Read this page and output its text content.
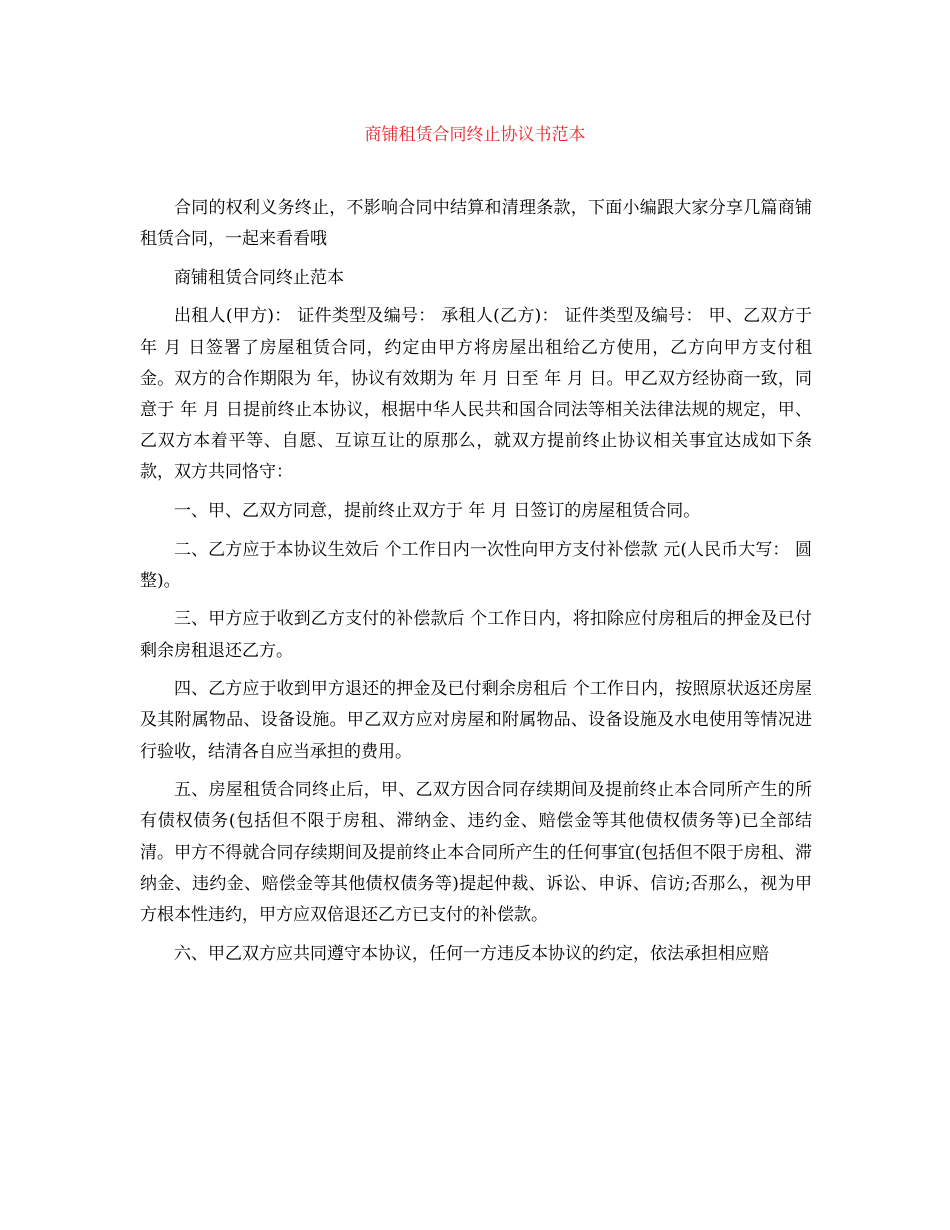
商铺租赁合同终止协议书范本

合同的权利义务终止，不影响合同中结算和清理条款，下面小编跟大家分享几篇商铺租赁合同，一起来看看哦

商铺租赁合同终止范本

出租人(甲方)： 证件类型及编号： 承租人(乙方)： 证件类型及编号： 甲、乙双方于 年 月 日签署了房屋租赁合同，约定由甲方将房屋出租给乙方使用，乙方向甲方支付租金。双方的合作期限为 年，协议有效期为 年 月 日至 年 月 日。甲乙双方经协商一致，同意于 年 月 日提前终止本协议，根据中华人民共和国合同法等相关法律法规的规定，甲、乙双方本着平等、自愿、互谅互让的原那么，就双方提前终止协议相关事宜达成如下条款，双方共同恪守：

一、甲、乙双方同意，提前终止双方于 年 月 日签订的房屋租赁合同。

二、乙方应于本协议生效后 个工作日内一次性向甲方支付补偿款 元(人民币大写： 圆整)。

三、甲方应于收到乙方支付的补偿款后 个工作日内，将扣除应付房租后的押金及已付剩余房租退还乙方。

四、乙方应于收到甲方退还的押金及已付剩余房租后 个工作日内，按照原状返还房屋及其附属物品、设备设施。甲乙双方应对房屋和附属物品、设备设施及水电使用等情况进行验收，结清各自应当承担的费用。

五、房屋租赁合同终止后，甲、乙双方因合同存续期间及提前终止本合同所产生的所有债权债务(包括但不限于房租、滞纳金、违约金、赔偿金等其他债权债务等)已全部结清。甲方不得就合同存续期间及提前终止本合同所产生的任何事宜(包括但不限于房租、滞纳金、违约金、赔偿金等其他债权债务等)提起仲裁、诉讼、申诉、信访;否那么，视为甲方根本性违约，甲方应双倍退还乙方已支付的补偿款。

六、甲乙双方应共同遵守本协议，任何一方违反本协议的约定，依法承担相应赔
